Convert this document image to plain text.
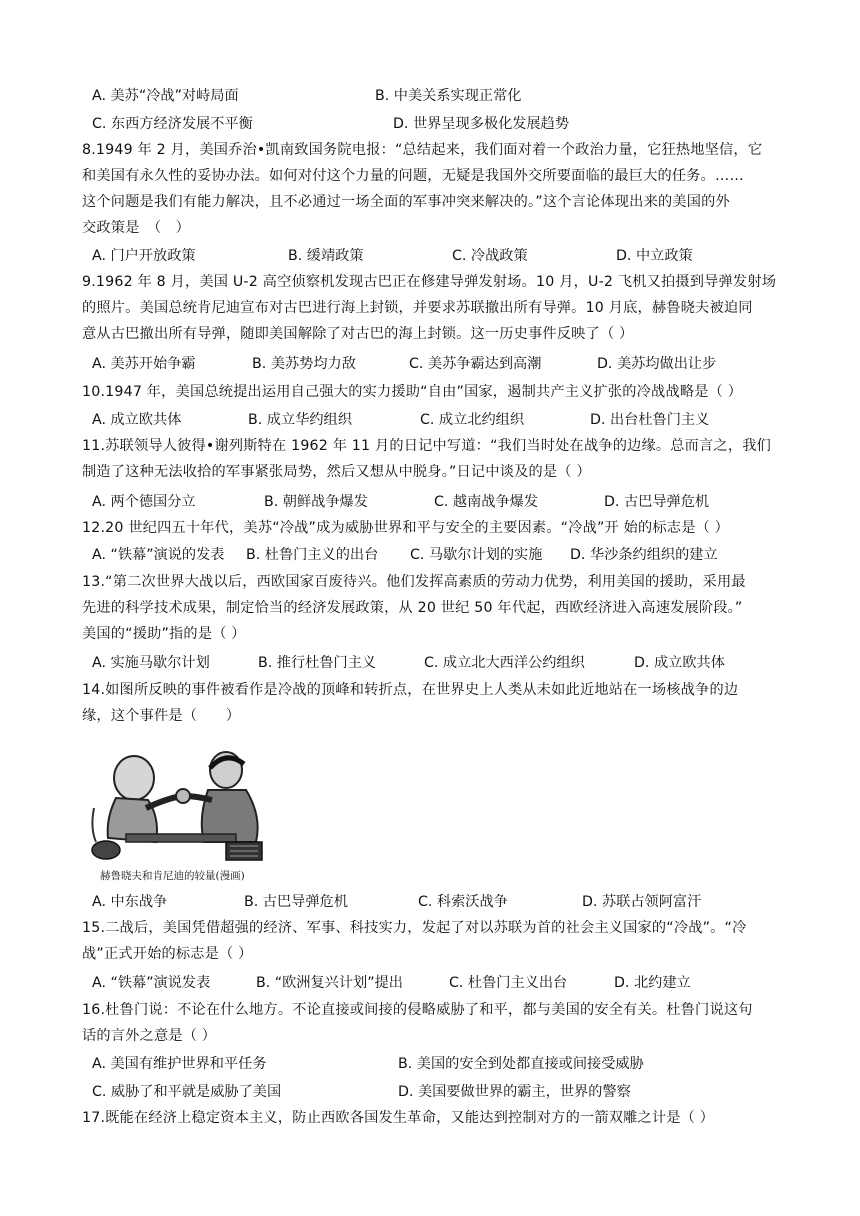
A. 美苏“冷战”对峙局面	B. 中美关系实现正常化
C. 东西方经济发展不平衡	D. 世界呈现多极化发展趋势
8.1949 年 2 月，美国乔治•凯南致国务院电报：“总结起来，我们面对着一个政治力量，它狂热地坚信，它
和美国有永久性的妥协办法。如何对付这个力量的问题，无疑是我国外交所要面临的最巨大的任务。……
这个问题是我们有能力解决，且不必通过一场全面的军事冲突来解决的。”这个言论体现出来的美国的外
交政策是　（　）
A. 门户开放政策	B. 缓靖政策	C. 冷战政策	D. 中立政策
9.1962 年 8 月，美国 U-2 高空侦察机发现古巴正在修建导弹发射场。10 月，U-2 飞机又拍摄到导弹发射场
的照片。美国总统肯尼迪宣布对古巴进行海上封锁，并要求苏联撤出所有导弹。10 月底，赫鲁晓夫被迫同
意从古巴撤出所有导弹，随即美国解除了对古巴的海上封锁。这一历史事件反映了（ ）
A. 美苏开始争霸	B. 美苏势均力敌	C. 美苏争霸达到高潮	D. 美苏均做出让步
10.1947 年，美国总统提出运用自己强大的实力援助“自由”国家，遏制共产主义扩张的冷战战略是（ ）
A. 成立欧共体	B. 成立华约组织	C. 成立北约组织	D. 出台杜鲁门主义
11.苏联领导人彼得•谢列斯特在 1962 年 11 月的日记中写道：“我们当时处在战争的边缘。总而言之，我们
制造了这种无法收拾的军事紧张局势，然后又想从中脱身。”日记中谈及的是（ ）
A. 两个德国分立	B. 朝鲜战争爆发	C. 越南战争爆发	D. 古巴导弹危机
12.20 世纪四五十年代，美苏“冷战”成为威胁世界和平与安全的主要因素。“冷战”开 始的标志是（ ）
A. “铁幕”演说的发表 B. 杜鲁门主义的出台 C. 马歇尔计划的实施 D. 华沙条约组织的建立
13.“第二次世界大战以后，西欧国家百废待兴。他们发挥高素质的劳动力优势，利用美国的援助，采用最
先进的科学技术成果，制定恰当的经济发展政策，从 20 世纪 50 年代起，西欧经济进入高速发展阶段。”
美国的“援助”指的是（ ）
A. 实施马歇尔计划	B. 推行杜鲁门主义	C. 成立北大西洋公约组织	D. 成立欧共体
14.如图所反映的事件被看作是冷战的顶峰和转折点，在世界史上人类从未如此近地站在一场核战争的边
缘，这个事件是（　　）
赫鲁晓夫和肯尼迪的较量(漫画)
A. 中东战争	B. 古巴导弹危机	C. 科索沃战争	D. 苏联占领阿富汗
15.二战后，美国凭借超强的经济、军事、科技实力，发起了对以苏联为首的社会主义国家的“冷战”。“冷
战”正式开始的标志是（ ）
A. “铁幕”演说发表	B. “欧洲复兴计划”提出	C. 杜鲁门主义出台	D. 北约建立
16.杜鲁门说：不论在什么地方。不论直接或间接的侵略威胁了和平，都与美国的安全有关。杜鲁门说这句
话的言外之意是（ ）
A. 美国有维护世界和平任务	B. 美国的安全到处都直接或间接受威胁
C. 威胁了和平就是威胁了美国	D. 美国要做世界的霸主，世界的警察
17.既能在经济上稳定资本主义，防止西欧各国发生革命，又能达到控制对方的一箭双雕之计是（ ）
